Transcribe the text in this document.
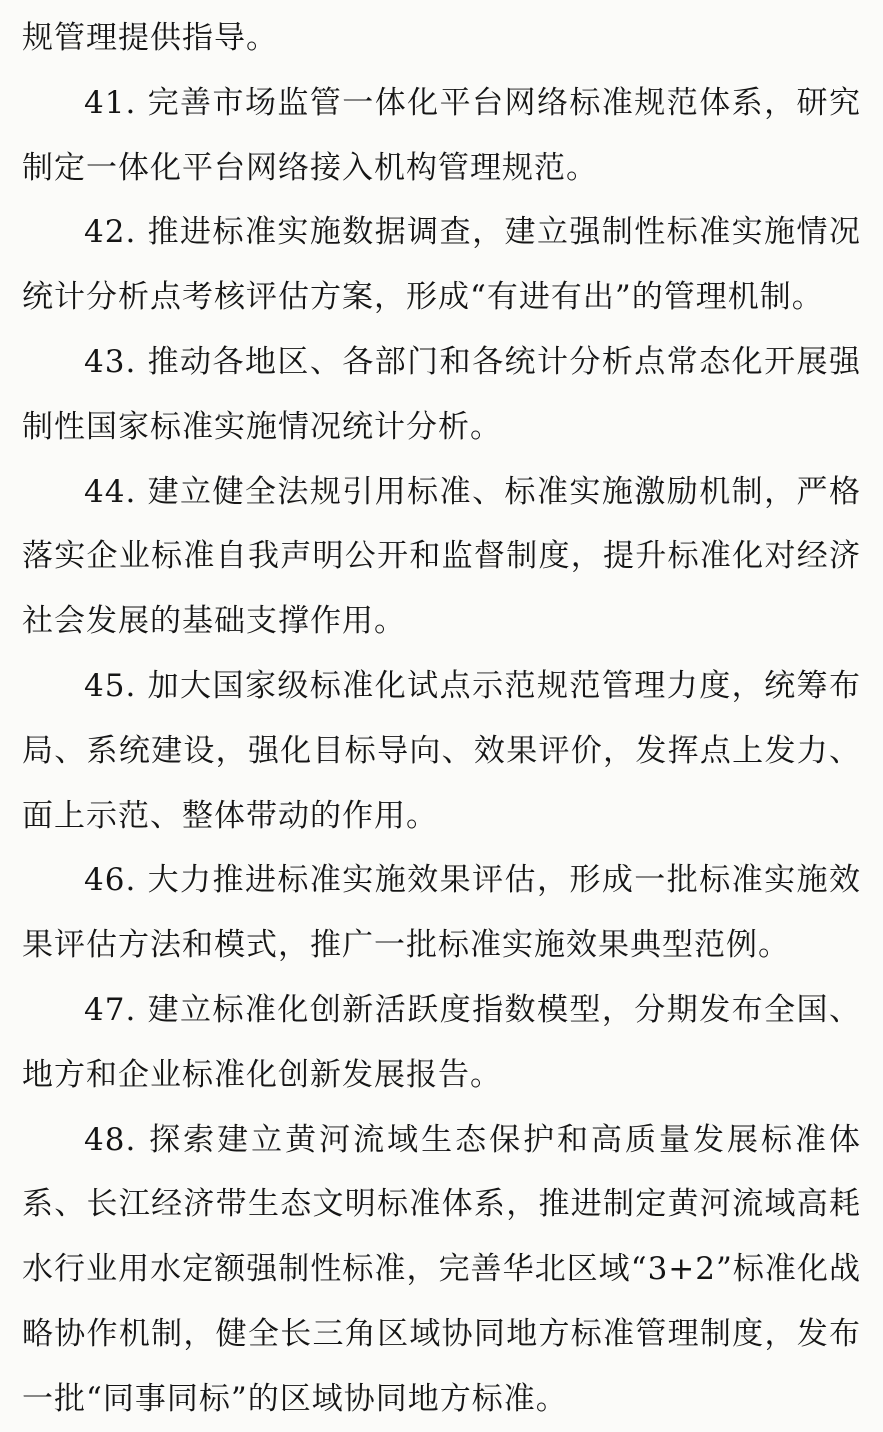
规管理提供指导。

41. 完善市场监管一体化平台网络标准规范体系，研究制定一体化平台网络接入机构管理规范。

42. 推进标准实施数据调查，建立强制性标准实施情况统计分析点考核评估方案，形成“有进有出”的管理机制。

43. 推动各地区、各部门和各统计分析点常态化开展强制性国家标准实施情况统计分析。

44. 建立健全法规引用标准、标准实施激励机制，严格落实企业标准自我声明公开和监督制度，提升标准化对经济社会发展的基础支撑作用。

45. 加大国家级标准化试点示范规范管理力度，统筹布局、系统建设，强化目标导向、效果评价，发挥点上发力、面上示范、整体带动的作用。

46. 大力推进标准实施效果评估，形成一批标准实施效果评估方法和模式，推广一批标准实施效果典型范例。

47. 建立标准化创新活跃度指数模型，分期发布全国、地方和企业标准化创新发展报告。

48. 探索建立黄河流域生态保护和高质量发展标准体系、长江经济带生态文明标准体系，推进制定黄河流域高耗水行业用水定额强制性标准，完善华北区域“3+2”标准化战略协作机制，健全长三角区域协同地方标准管理制度，发布一批“同事同标”的区域协同地方标准。
